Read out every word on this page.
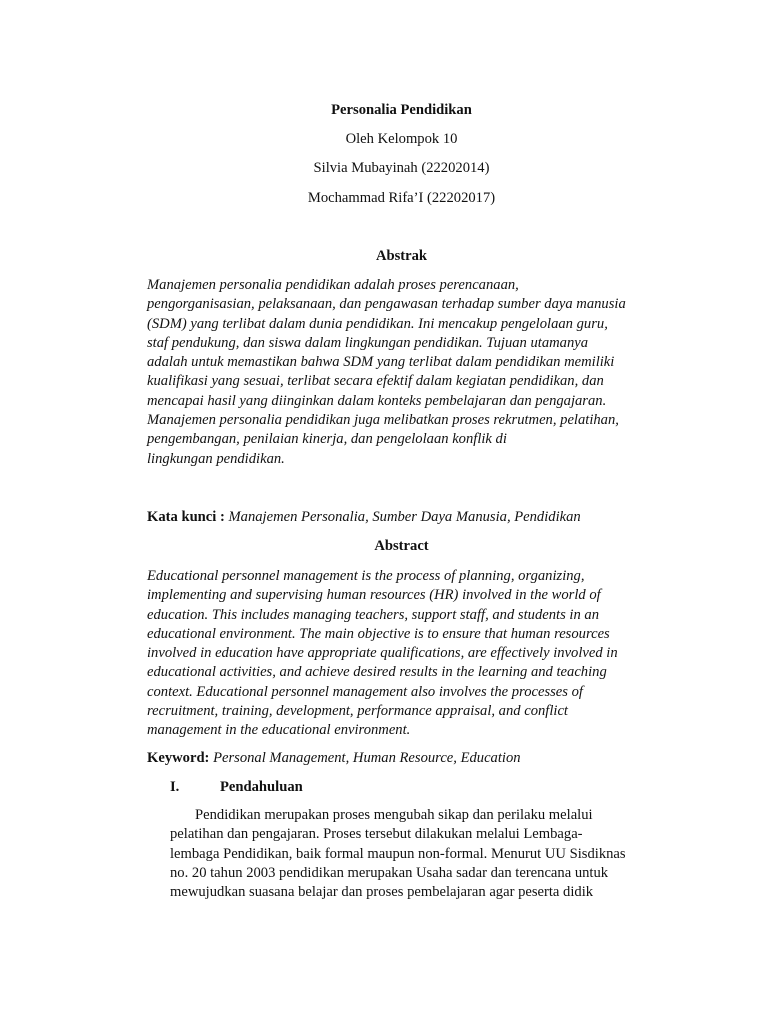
Personalia Pendidikan
Oleh Kelompok 10
Silvia Mubayinah (22202014)
Mochammad Rifa’I (22202017)
Abstrak
Manajemen personalia pendidikan adalah proses perencanaan,
pengorganisasian, pelaksanaan, dan pengawasan terhadap sumber daya manusia
(SDM) yang terlibat dalam dunia pendidikan. Ini mencakup pengelolaan guru,
staf pendukung, dan siswa dalam lingkungan pendidikan. Tujuan utamanya
adalah untuk memastikan bahwa SDM yang terlibat dalam pendidikan memiliki
kualifikasi yang sesuai, terlibat secara efektif dalam kegiatan pendidikan, dan
mencapai hasil yang diinginkan dalam konteks pembelajaran dan pengajaran.
Manajemen personalia pendidikan juga melibatkan proses rekrutmen, pelatihan,
pengembangan, penilaian kinerja, dan pengelolaan konflik di
lingkungan pendidikan.
Kata kunci : Manajemen Personalia, Sumber Daya Manusia, Pendidikan
Abstract
Educational personnel management is the process of planning, organizing,
implementing and supervising human resources (HR) involved in the world of
education. This includes managing teachers, support staff, and students in an
educational environment. The main objective is to ensure that human resources
involved in education have appropriate qualifications, are effectively involved in
educational activities, and achieve desired results in the learning and teaching
context. Educational personnel management also involves the processes of
recruitment, training, development, performance appraisal, and conflict
management in the educational environment.
Keyword: Personal Management, Human Resource, Education
I.	Pendahuluan
Pendidikan merupakan proses mengubah sikap dan perilaku melalui
pelatihan dan pengajaran. Proses tersebut dilakukan melalui Lembaga-
lembaga Pendidikan, baik formal maupun non-formal. Menurut UU Sisdiknas
no. 20 tahun 2003 pendidikan merupakan Usaha sadar dan terencana untuk
mewujudkan suasana belajar dan proses pembelajaran agar peserta didik
